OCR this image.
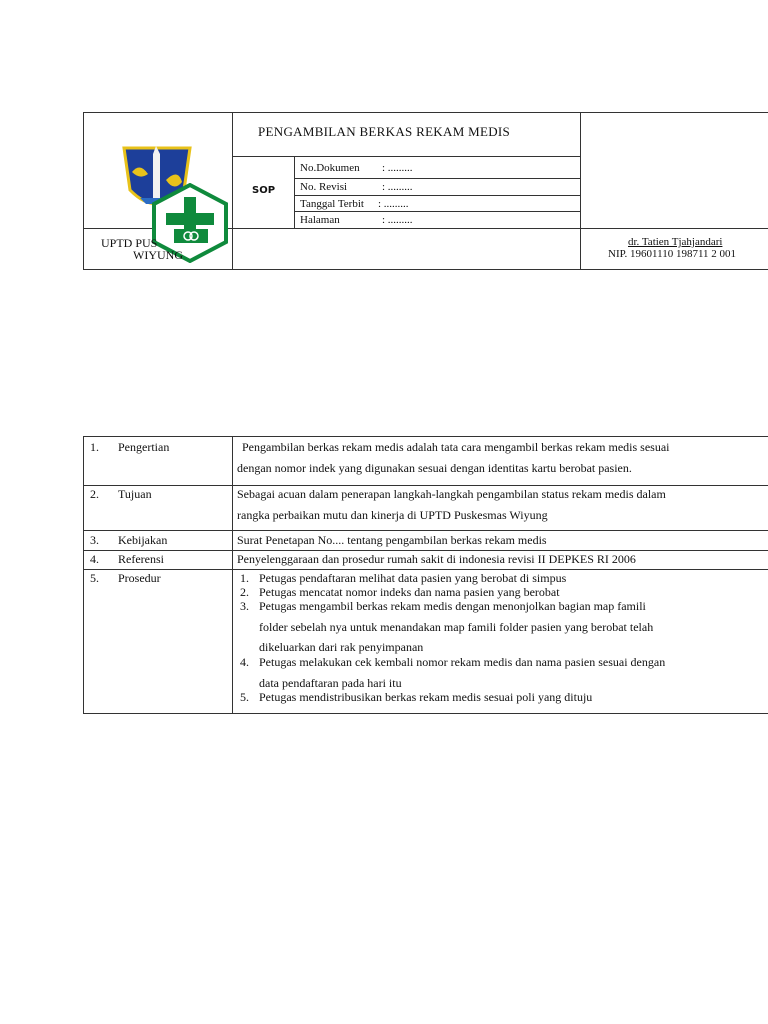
PENGAMBILAN BERKAS REKAM MEDIS
SOP
No.Dokumen : .........
No. Revisi	: .........
Tanggal Terbit : .........
Halaman	: .........
UPTD PUS
WIYUNG
dr. Tatien Tjahjandari
NIP. 19601110 198711 2 001
1. Pengertian	Pengambilan berkas rekam medis adalah tata cara mengambil berkas rekam medis sesuai
dengan nomor indek yang digunakan sesuai dengan identitas kartu berobat pasien.
2. Tujuan	Sebagai acuan dalam penerapan langkah-langkah pengambilan status rekam medis dalam
rangka perbaikan mutu dan kinerja di UPTD Puskesmas Wiyung
3. Kebijakan	Surat Penetapan No.... tentang pengambilan berkas rekam medis
4. Referensi	Penyelenggaraan dan prosedur rumah sakit di indonesia revisi II DEPKES RI 2006
5. Prosedur	1. Petugas pendaftaran melihat data pasien yang berobat di simpus
2. Petugas mencatat nomor indeks dan nama pasien yang berobat
3. Petugas mengambil berkas rekam medis dengan menonjolkan bagian map famili
folder sebelah nya untuk menandakan map famili folder pasien yang berobat telah
dikeluarkan dari rak penyimpanan
4. Petugas melakukan cek kembali nomor rekam medis dan nama pasien sesuai dengan
data pendaftaran pada hari itu
5. Petugas mendistribusikan berkas rekam medis sesuai poli yang dituju
